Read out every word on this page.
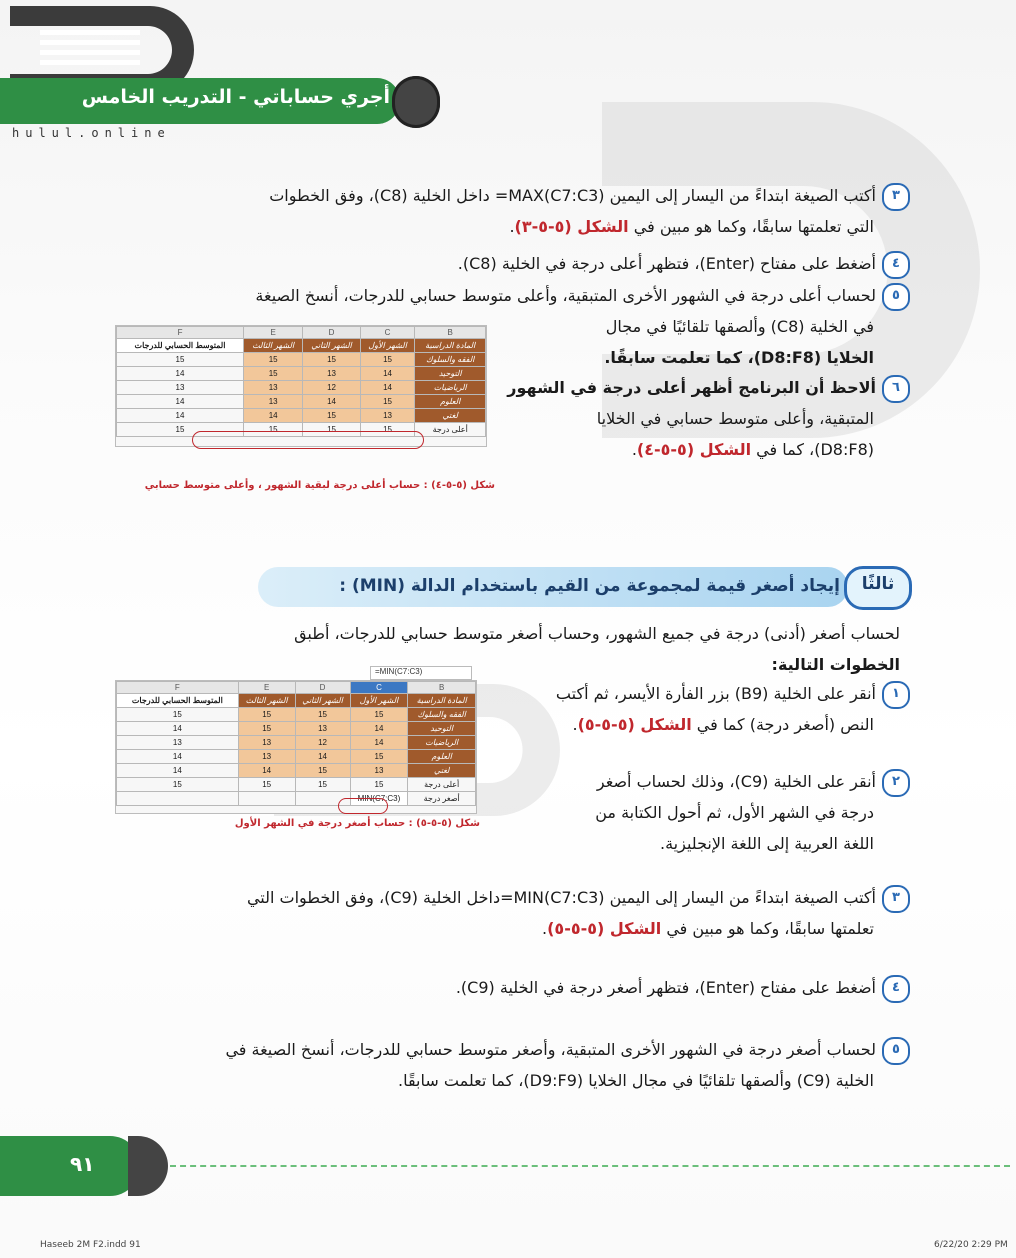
أجري حساباتي - التدريب الخامس
hulul.online
٣أكتب الصيغة ابتداءً من اليسار إلى اليمين (MAX(C7:C3= داخل الخلية (C8)، وفق الخطوات
التي تعلمتها سابقًا، وكما هو مبين في الشكل (٥-٥-٣).
٤أضغط على مفتاح (Enter)، فتظهر أعلى درجة في الخلية (C8).
٥لحساب أعلى درجة في الشهور الأخرى المتبقية، وأعلى متوسط حسابي للدرجات، أنسخ الصيغة
في الخلية (C8) وألصقها تلقائيًا في مجال
الخلايا (D8:F8)، كما تعلمت سابقًا.
٦ألاحظ أن البرنامج أظهر أعلى درجة في الشهور
المتبقية، وأعلى متوسط حسابي في الخلايا
(D8:F8)، كما في الشكل (٥-٥-٤).
F	E	D	C	B
المتوسط الحسابي للدرجات	الشهر الثالث	الشهر الثاني	الشهر الأول	المادة الدراسية
15	15	15	15	الفقه والسلوك
14	15	13	14	التوحيد
13	13	12	14	الرياضيات
14	13	14	15	العلوم
14	14	15	13	لغتي
15	15	15	15	أعلى درجة
شكل (٥-٥-٤) : حساب أعلى درجة لبقية الشهور ، وأعلى متوسط حسابي
ثالثًا
إيجاد أصغر قيمة لمجموعة من القيم باستخدام الدالة (MIN) :
لحساب أصغر (أدنى) درجة في جميع الشهور، وحساب أصغر متوسط حسابي للدرجات، أطبق
الخطوات التالية:
١أنقر على الخلية (B9) بزر الفأرة الأيسر، ثم أكتب
النص (أصغر درجة) كما في الشكل (٥-٥-٥).
٢أنقر على الخلية (C9)، وذلك لحساب أصغر
درجة في الشهر الأول، ثم أحول الكتابة من
اللغة العربية إلى اللغة الإنجليزية.
=MIN(C7:C3)
F	E	D	C	B
المتوسط الحسابي للدرجات	الشهر الثالث	الشهر الثاني	الشهر الأول	المادة الدراسية
15	15	15	15	الفقه والسلوك
14	15	13	14	التوحيد
13	13	12	14	الرياضيات
14	13	14	15	العلوم
14	14	15	13	لغتي
15	15	15	15	أعلى درجة
			MIN(C7:C3)	أصغر درجة
شكل (٥-٥-٥) : حساب أصغر درجة في الشهر الأول
٣أكتب الصيغة ابتداءً من اليسار إلى اليمين (MIN(C7:C3=داخل الخلية (C9)، وفق الخطوات التي
تعلمتها سابقًا، وكما هو مبين في الشكل (٥-٥-٥).
٤أضغط على مفتاح (Enter)، فتظهر أصغر درجة في الخلية (C9).
٥لحساب أصغر درجة في الشهور الأخرى المتبقية، وأصغر متوسط حسابي للدرجات، أنسخ الصيغة في
الخلية (C9) وألصقها تلقائيًا في مجال الخلايا (D9:F9)، كما تعلمت سابقًا.
٩١
Haseeb 2M F2.indd 91	6/22/20 2:29 PM
